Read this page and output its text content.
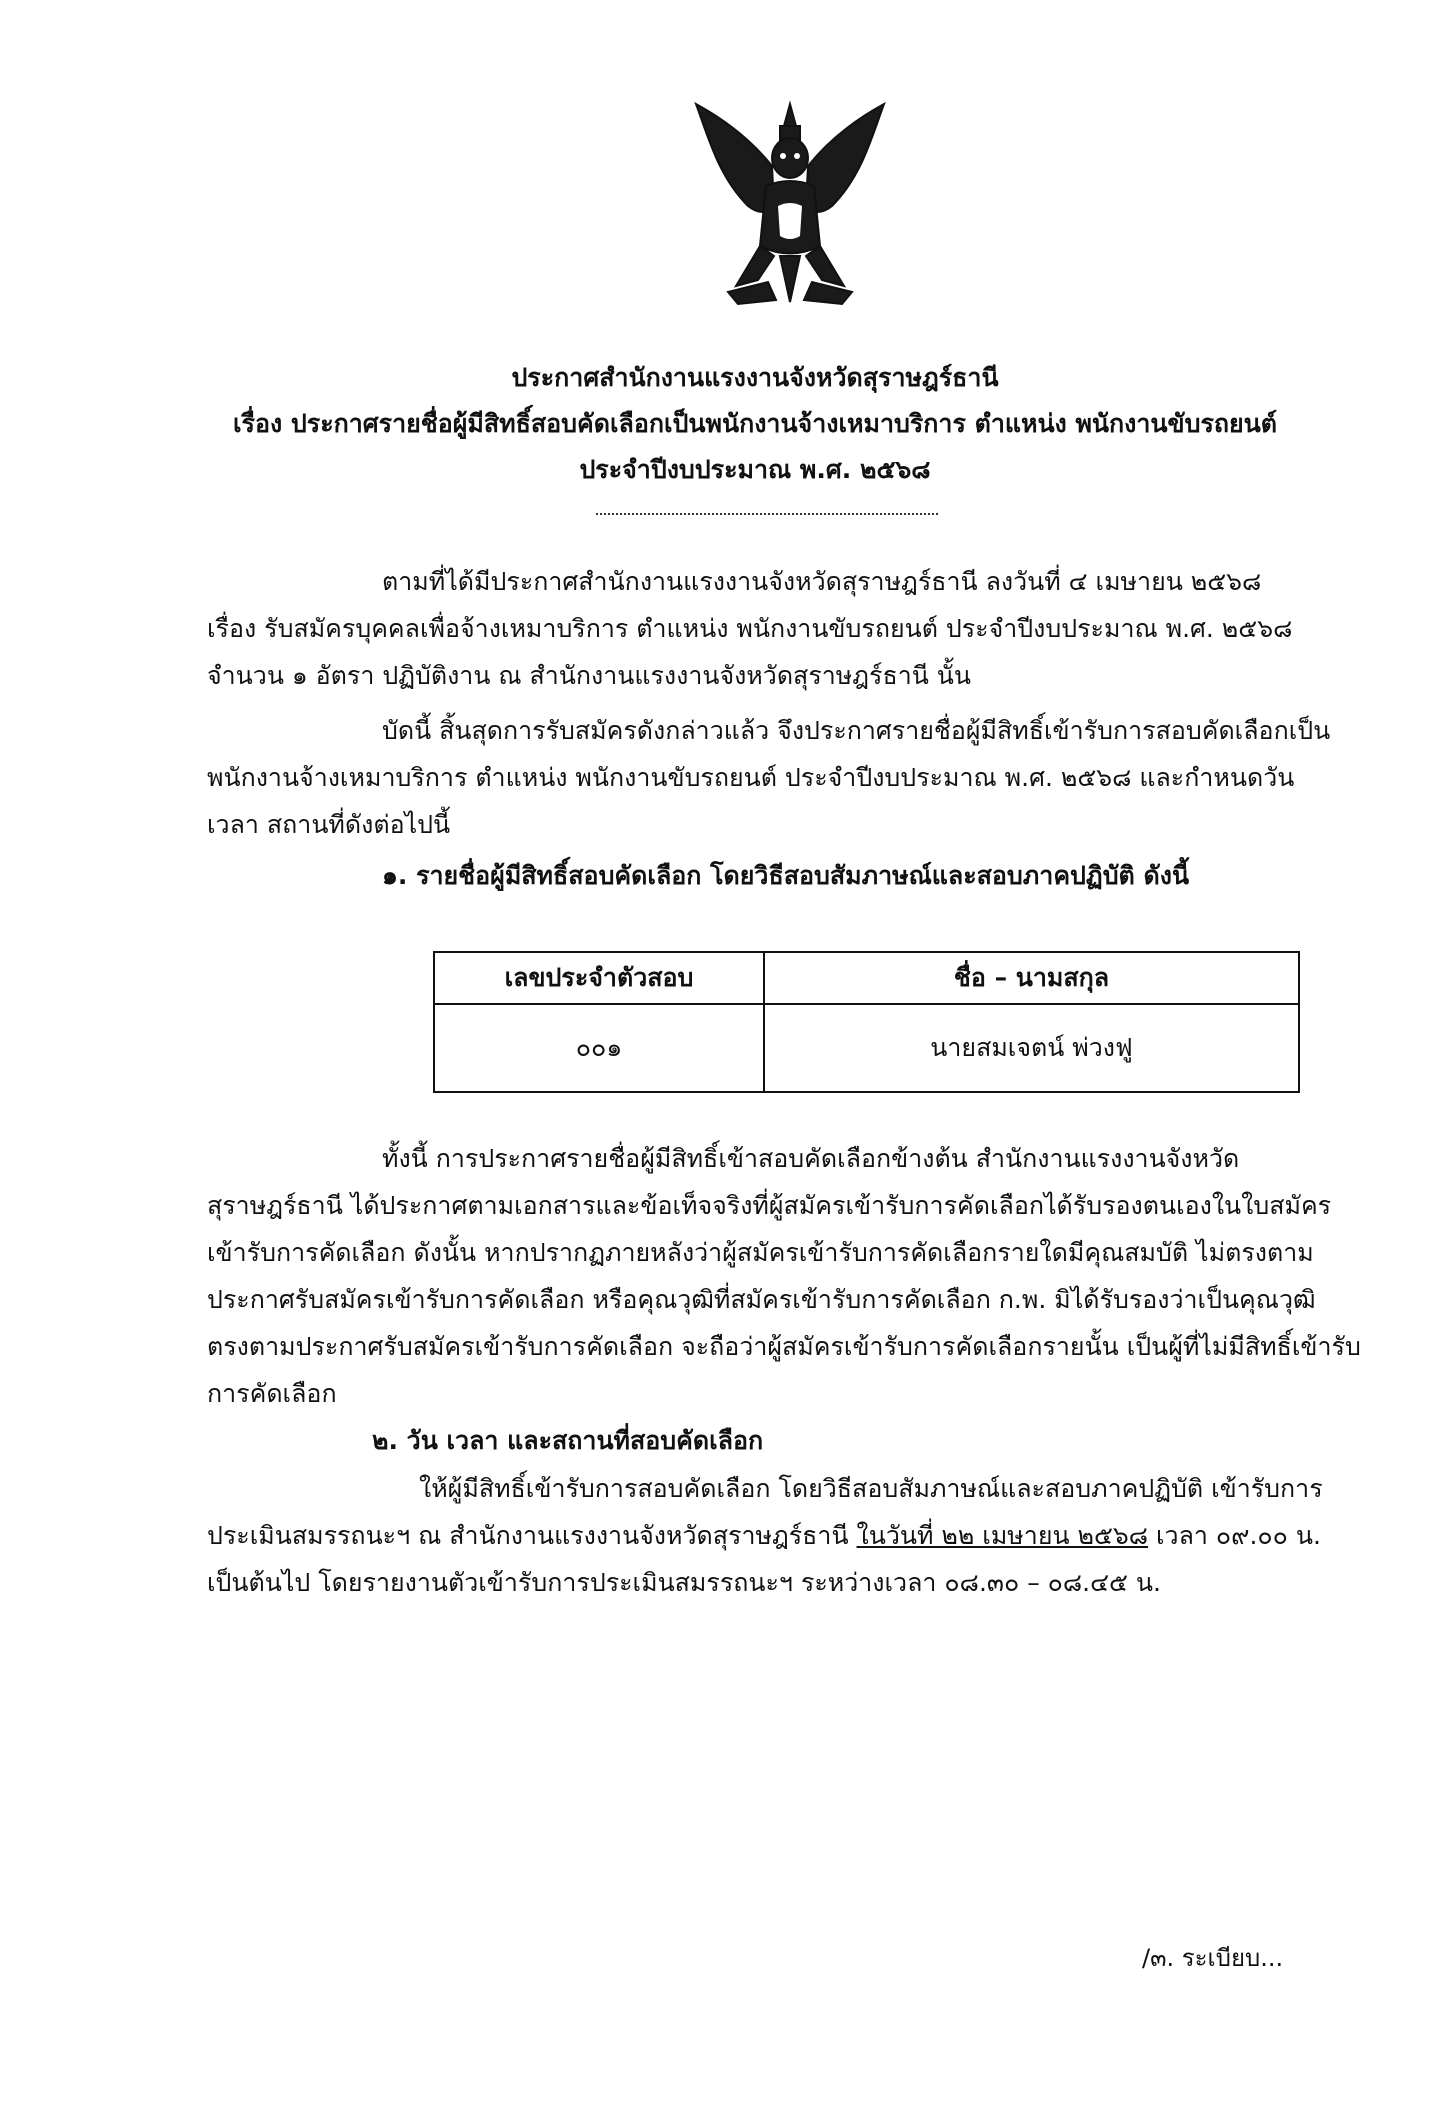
ประกาศสำนักงานแรงงานจังหวัดสุราษฎร์ธานี
เรื่อง ประกาศรายชื่อผู้มีสิทธิ์สอบคัดเลือกเป็นพนักงานจ้างเหมาบริการ ตำแหน่ง พนักงานขับรถยนต์
ประจำปีงบประมาณ พ.ศ. ๒๕๖๘
ตามที่ได้มีประกาศสำนักงานแรงงานจังหวัดสุราษฎร์ธานี ลงวันที่ ๔ เมษายน ๒๕๖๘
เรื่อง รับสมัครบุคคลเพื่อจ้างเหมาบริการ ตำแหน่ง พนักงานขับรถยนต์ ประจำปีงบประมาณ พ.ศ. ๒๕๖๘
จำนวน ๑ อัตรา ปฏิบัติงาน ณ สำนักงานแรงงานจังหวัดสุราษฎร์ธานี นั้น
บัดนี้ สิ้นสุดการรับสมัครดังกล่าวแล้ว จึงประกาศรายชื่อผู้มีสิทธิ์เข้ารับการสอบคัดเลือกเป็น
พนักงานจ้างเหมาบริการ ตำแหน่ง พนักงานขับรถยนต์ ประจำปีงบประมาณ พ.ศ. ๒๕๖๘ และกำหนดวัน
เวลา สถานที่ดังต่อไปนี้
๑. รายชื่อผู้มีสิทธิ์สอบคัดเลือก โดยวิธีสอบสัมภาษณ์และสอบภาคปฏิบัติ ดังนี้
เลขประจำตัวสอบ	ชื่อ – นามสกุล
๐๐๑	นายสมเจตน์ พ่วงฟู
ทั้งนี้ การประกาศรายชื่อผู้มีสิทธิ์เข้าสอบคัดเลือกข้างต้น สำนักงานแรงงานจังหวัด
สุราษฎร์ธานี ได้ประกาศตามเอกสารและข้อเท็จจริงที่ผู้สมัครเข้ารับการคัดเลือกได้รับรองตนเองในใบสมัคร
เข้ารับการคัดเลือก ดังนั้น หากปรากฏภายหลังว่าผู้สมัครเข้ารับการคัดเลือกรายใดมีคุณสมบัติ ไม่ตรงตาม
ประกาศรับสมัครเข้ารับการคัดเลือก หรือคุณวุฒิที่สมัครเข้ารับการคัดเลือก ก.พ. มิได้รับรองว่าเป็นคุณวุฒิ
ตรงตามประกาศรับสมัครเข้ารับการคัดเลือก จะถือว่าผู้สมัครเข้ารับการคัดเลือกรายนั้น เป็นผู้ที่ไม่มีสิทธิ์เข้ารับ
การคัดเลือก
๒. วัน เวลา และสถานที่สอบคัดเลือก
ให้ผู้มีสิทธิ์เข้ารับการสอบคัดเลือก โดยวิธีสอบสัมภาษณ์และสอบภาคปฏิบัติ เข้ารับการ
ประเมินสมรรถนะฯ ณ สำนักงานแรงงานจังหวัดสุราษฎร์ธานี ในวันที่ ๒๒ เมษายน ๒๕๖๘ เวลา ๐๙.๐๐ น.
เป็นต้นไป โดยรายงานตัวเข้ารับการประเมินสมรรถนะฯ ระหว่างเวลา ๐๘.๓๐ – ๐๘.๔๕ น.
/๓. ระเบียบ...
